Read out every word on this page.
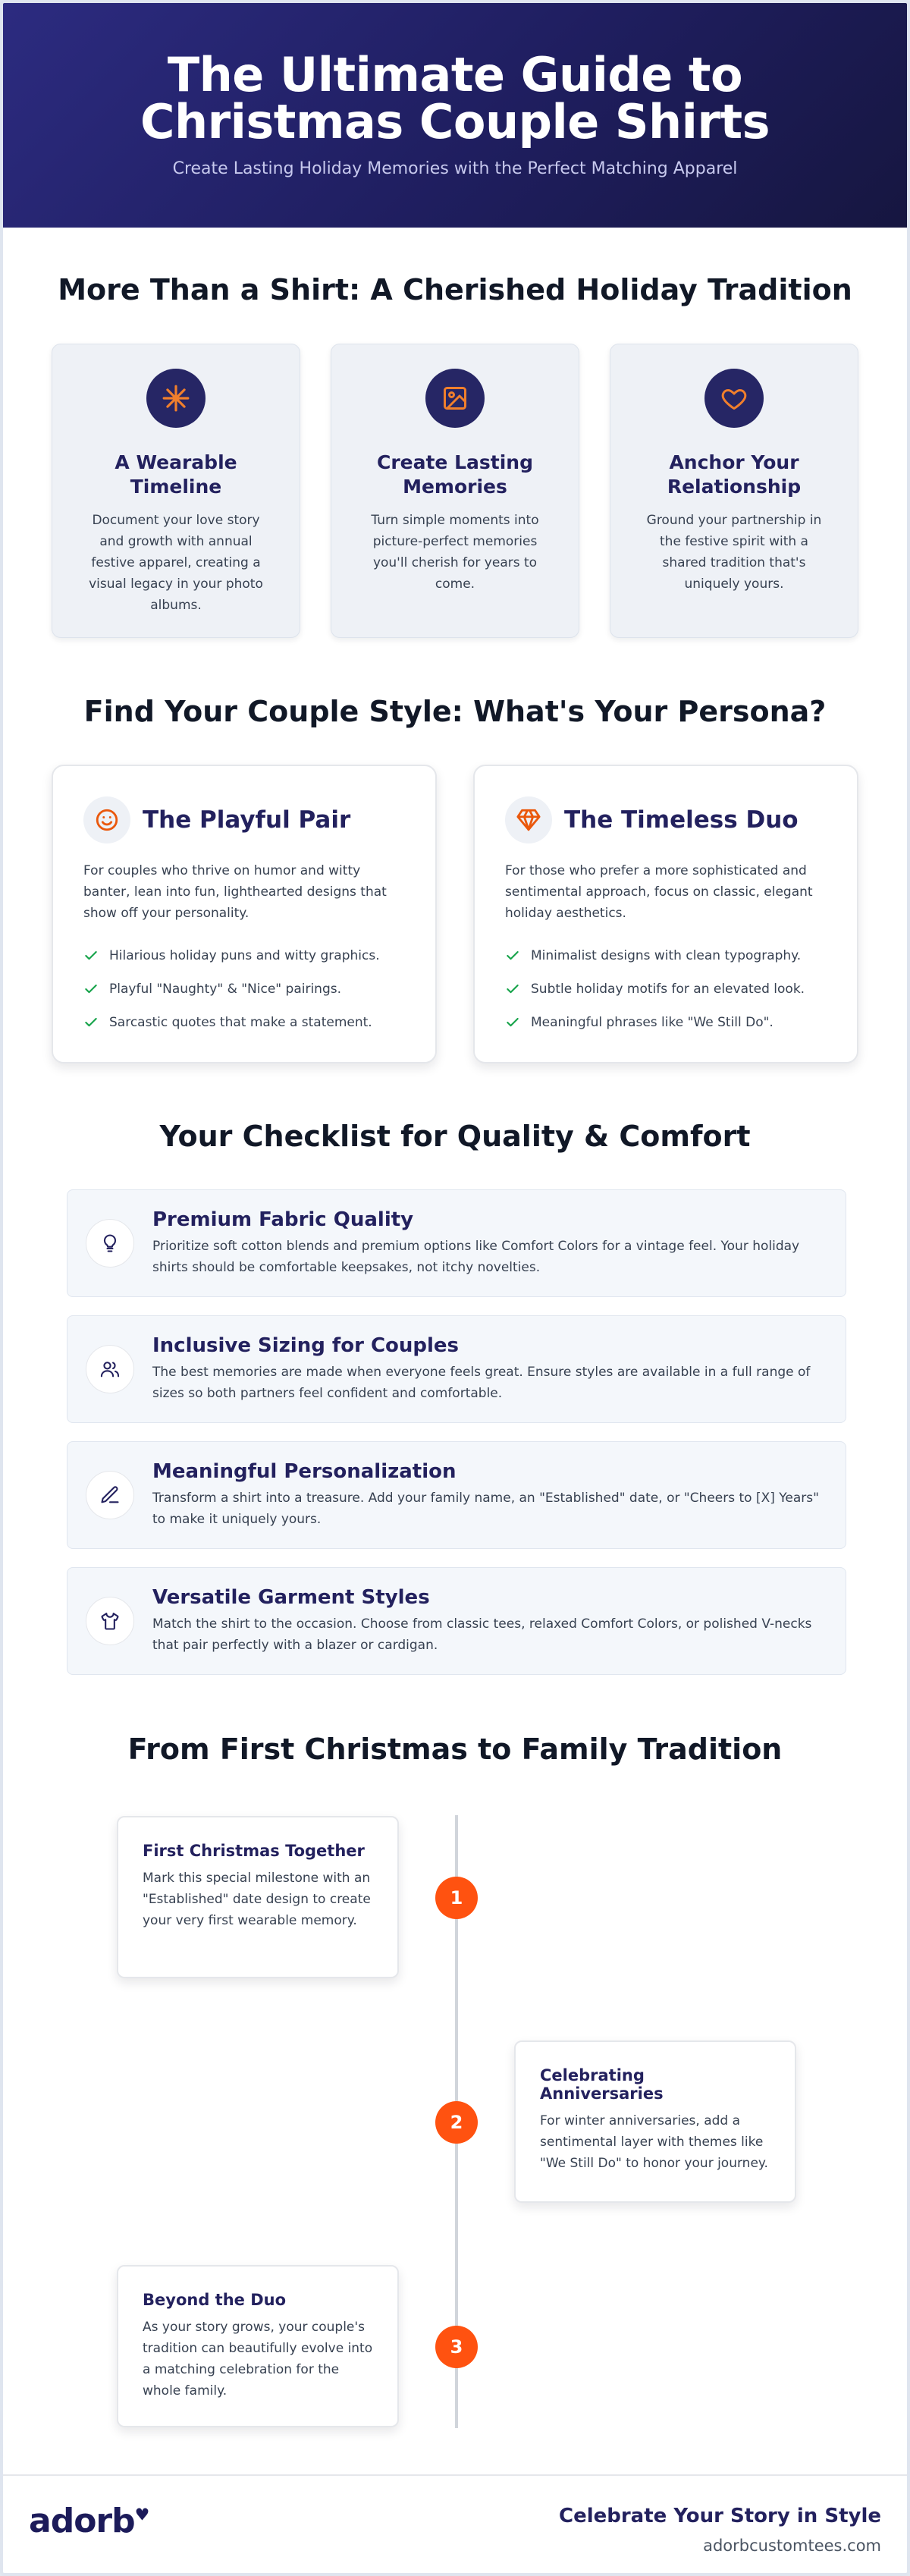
The Ultimate Guide to Christmas Couple Shirts

Create Lasting Holiday Memories with the Perfect Matching Apparel

More Than a Shirt: A Cherished Holiday Tradition
A Wearable Timeline

Document your love story and growth with annual festive apparel, creating a visual legacy in your photo albums.

Create Lasting Memories

Turn simple moments into picture-perfect memories you'll cherish for years to come.

Anchor Your Relationship

Ground your partnership in the festive spirit with a shared tradition that's uniquely yours.

Find Your Couple Style: What's Your Persona?
The Playful Pair

For couples who thrive on humor and witty banter, lean into fun, lighthearted designs that show off your personality.

Hilarious holiday puns and witty graphics.
Playful "Naughty" & "Nice" pairings.
Sarcastic quotes that make a statement.
The Timeless Duo

For those who prefer a more sophisticated and sentimental approach, focus on classic, elegant holiday aesthetics.

Minimalist designs with clean typography.
Subtle holiday motifs for an elevated look.
Meaningful phrases like "We Still Do".
Your Checklist for Quality & Comfort
Premium Fabric Quality

Prioritize soft cotton blends and premium options like Comfort Colors for a vintage feel. Your holiday shirts should be comfortable keepsakes, not itchy novelties.

Inclusive Sizing for Couples

The best memories are made when everyone feels great. Ensure styles are available in a full range of sizes so both partners feel confident and comfortable.

Meaningful Personalization

Transform a shirt into a treasure. Add your family name, an "Established" date, or "Cheers to [X] Years" to make it uniquely yours.

Versatile Garment Styles

Match the shirt to the occasion. Choose from classic tees, relaxed Comfort Colors, or polished V-necks that pair perfectly with a blazer or cardigan.

From First Christmas to Family Tradition
First Christmas Together

Mark this special milestone with an "Established" date design to create your very first wearable memory.

1
Celebrating Anniversaries

For winter anniversaries, add a sentimental layer with themes like "We Still Do" to honor your journey.

2
Beyond the Duo

As your story grows, your couple's tradition can beautifully evolve into a matching celebration for the whole family.

3
adorb♥	Celebrate Your Story in Style
adorbcustomtees.com
